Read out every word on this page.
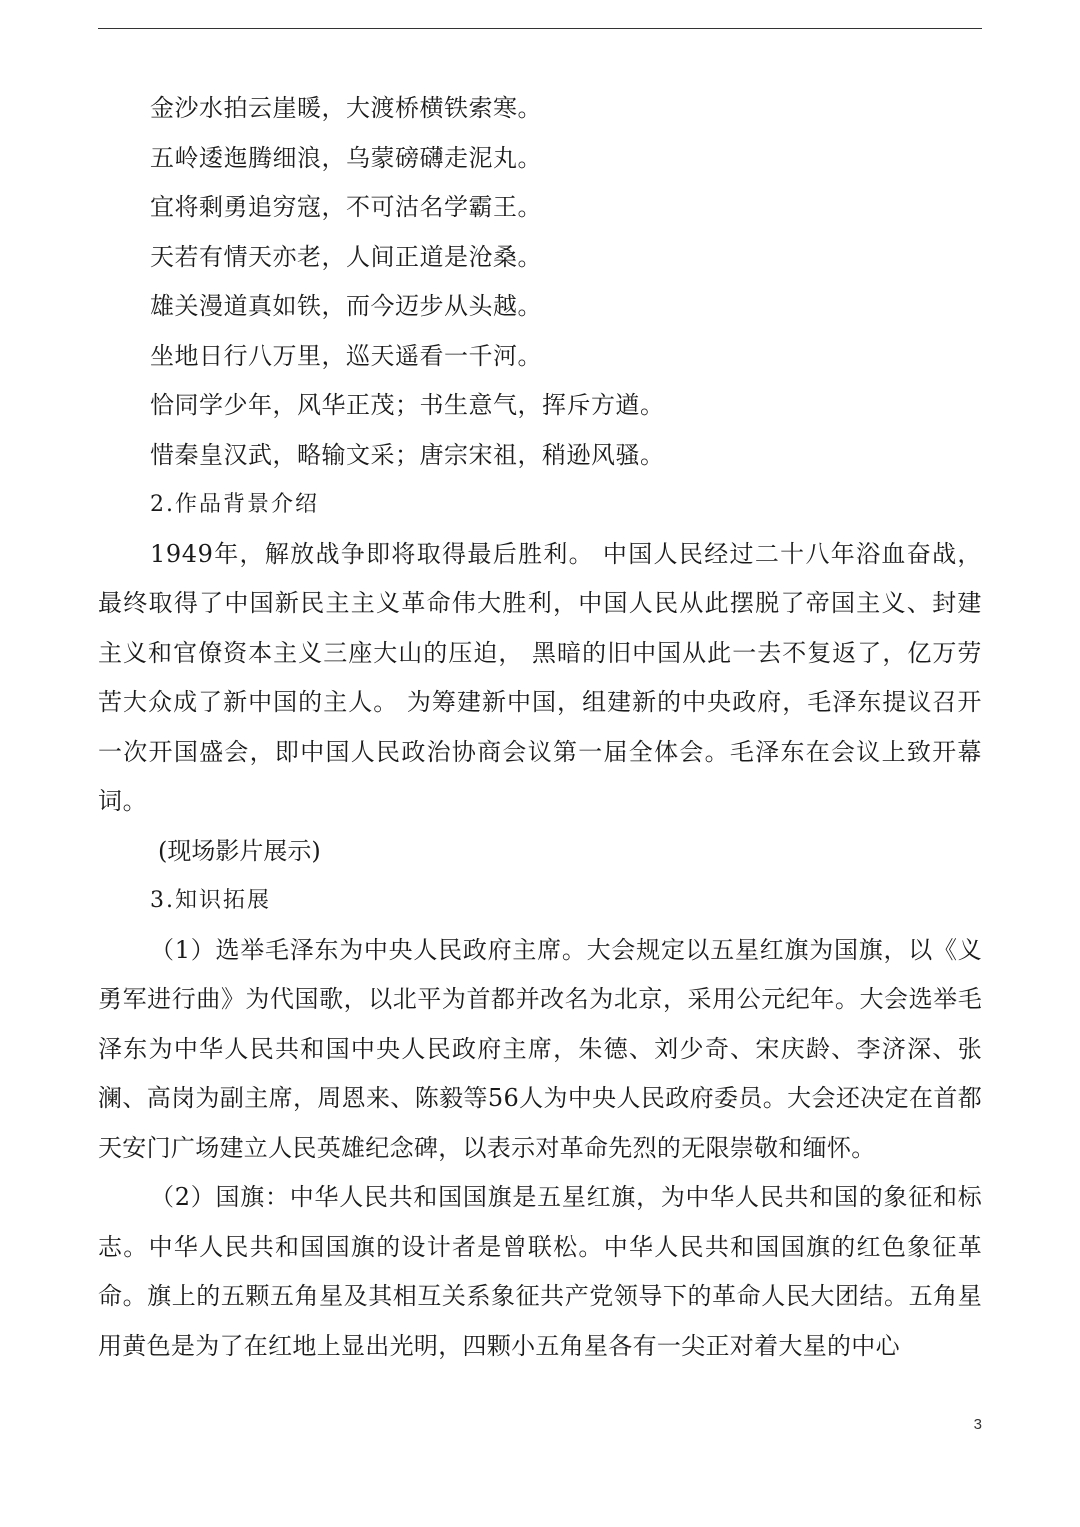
金沙水拍云崖暖，大渡桥横铁索寒。
五岭逶迤腾细浪，乌蒙磅礴走泥丸。
宜将剩勇追穷寇，不可沽名学霸王。
天若有情天亦老，人间正道是沧桑。
雄关漫道真如铁，而今迈步从头越。
坐地日行八万里，巡天遥看一千河。
恰同学少年，风华正茂；书生意气，挥斥方遒。
惜秦皇汉武，略输文采；唐宗宋祖，稍逊风骚。
2.作品背景介绍

1949年，解放战争即将取得最后胜利。 中国人民经过二十八年浴血奋战，最终取得了中国新民主主义革命伟大胜利，中国人民从此摆脱了帝国主义、封建主义和官僚资本主义三座大山的压迫， 黑暗的旧中国从此一去不复返了，亿万劳苦大众成了新中国的主人。 为筹建新中国，组建新的中央政府，毛泽东提议召开一次开国盛会，即中国人民政治协商会议第一届全体会。毛泽东在会议上致开幕词。

(现场影片展示)
3.知识拓展

（1）选举毛泽东为中央人民政府主席。大会规定以五星红旗为国旗，以《义勇军进行曲》为代国歌，以北平为首都并改名为北京，采用公元纪年。大会选举毛泽东为中华人民共和国中央人民政府主席，朱德、刘少奇、宋庆龄、李济深、张澜、高岗为副主席，周恩来、陈毅等56人为中央人民政府委员。大会还决定在首都天安门广场建立人民英雄纪念碑，以表示对革命先烈的无限崇敬和缅怀。

（2）国旗：中华人民共和国国旗是五星红旗，为中华人民共和国的象征和标志。中华人民共和国国旗的设计者是曾联松。中华人民共和国国旗的红色象征革命。旗上的五颗五角星及其相互关系象征共产党领导下的革命人民大团结。五角星用黄色是为了在红地上显出光明，四颗小五角星各有一尖正对着大星的中心

3
